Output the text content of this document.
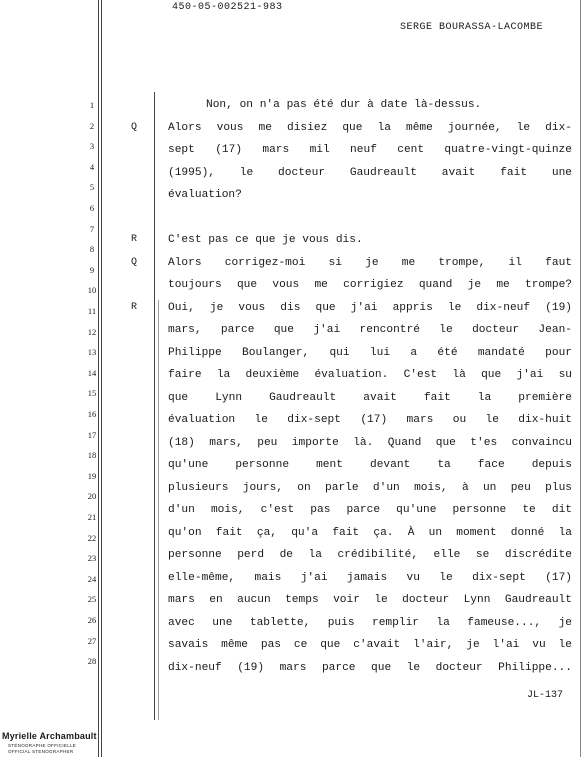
450-05-002521-983
SERGE BOURASSA-LACOMBE
1	Non, on n'a pas été dur à date là-dessus.
2	Q	Alors vous me disiez que la même journée, le dix-
3	sept (17) mars mil neuf cent quatre-vingt-quinze
4	(1995), le docteur Gaudreault avait fait une
5
évaluation?
6
7
R	C'est pas ce que je vous dis.
8
Q	Alors corrigez-moi si je me trompe, il faut
9
toujours que vous me corrigiez quand je me trompe?
10
R	Oui, je vous dis que j'ai appris le dix-neuf (19)
11
mars, parce que j'ai rencontré le docteur Jean-
12
Philippe Boulanger, qui lui a été mandaté pour
13
faire la deuxième évaluation. C'est là que j'ai su
14
que Lynn Gaudreault avait fait la première
15
évaluation le dix-sept (17) mars ou le dix-huit
16
(18) mars, peu importe là. Quand que t'es convaincu
17
qu'une personne ment devant ta face depuis
18
plusieurs jours, on parle d'un mois, à un peu plus
19
d'un mois, c'est pas parce qu'une personne te dit
20
qu'on fait ça, qu'a fait ça. À un moment donné la
21
personne perd de la crédibilité, elle se discrédite
22
elle-même, mais j'ai jamais vu le dix-sept (17)
23
mars en aucun temps voir le docteur Lynn Gaudreault
24
avec une tablette, puis remplir la fameuse..., je
25
savais même pas ce que c'avait l'air, je l'ai vu le
26
dix-neuf (19) mars parce que le docteur Philippe...
27
28
JL-137
Myrielle Archambault
STÉNOGRAPHE OFFICIELLE
OFFICIAL STENOGRAPHER
